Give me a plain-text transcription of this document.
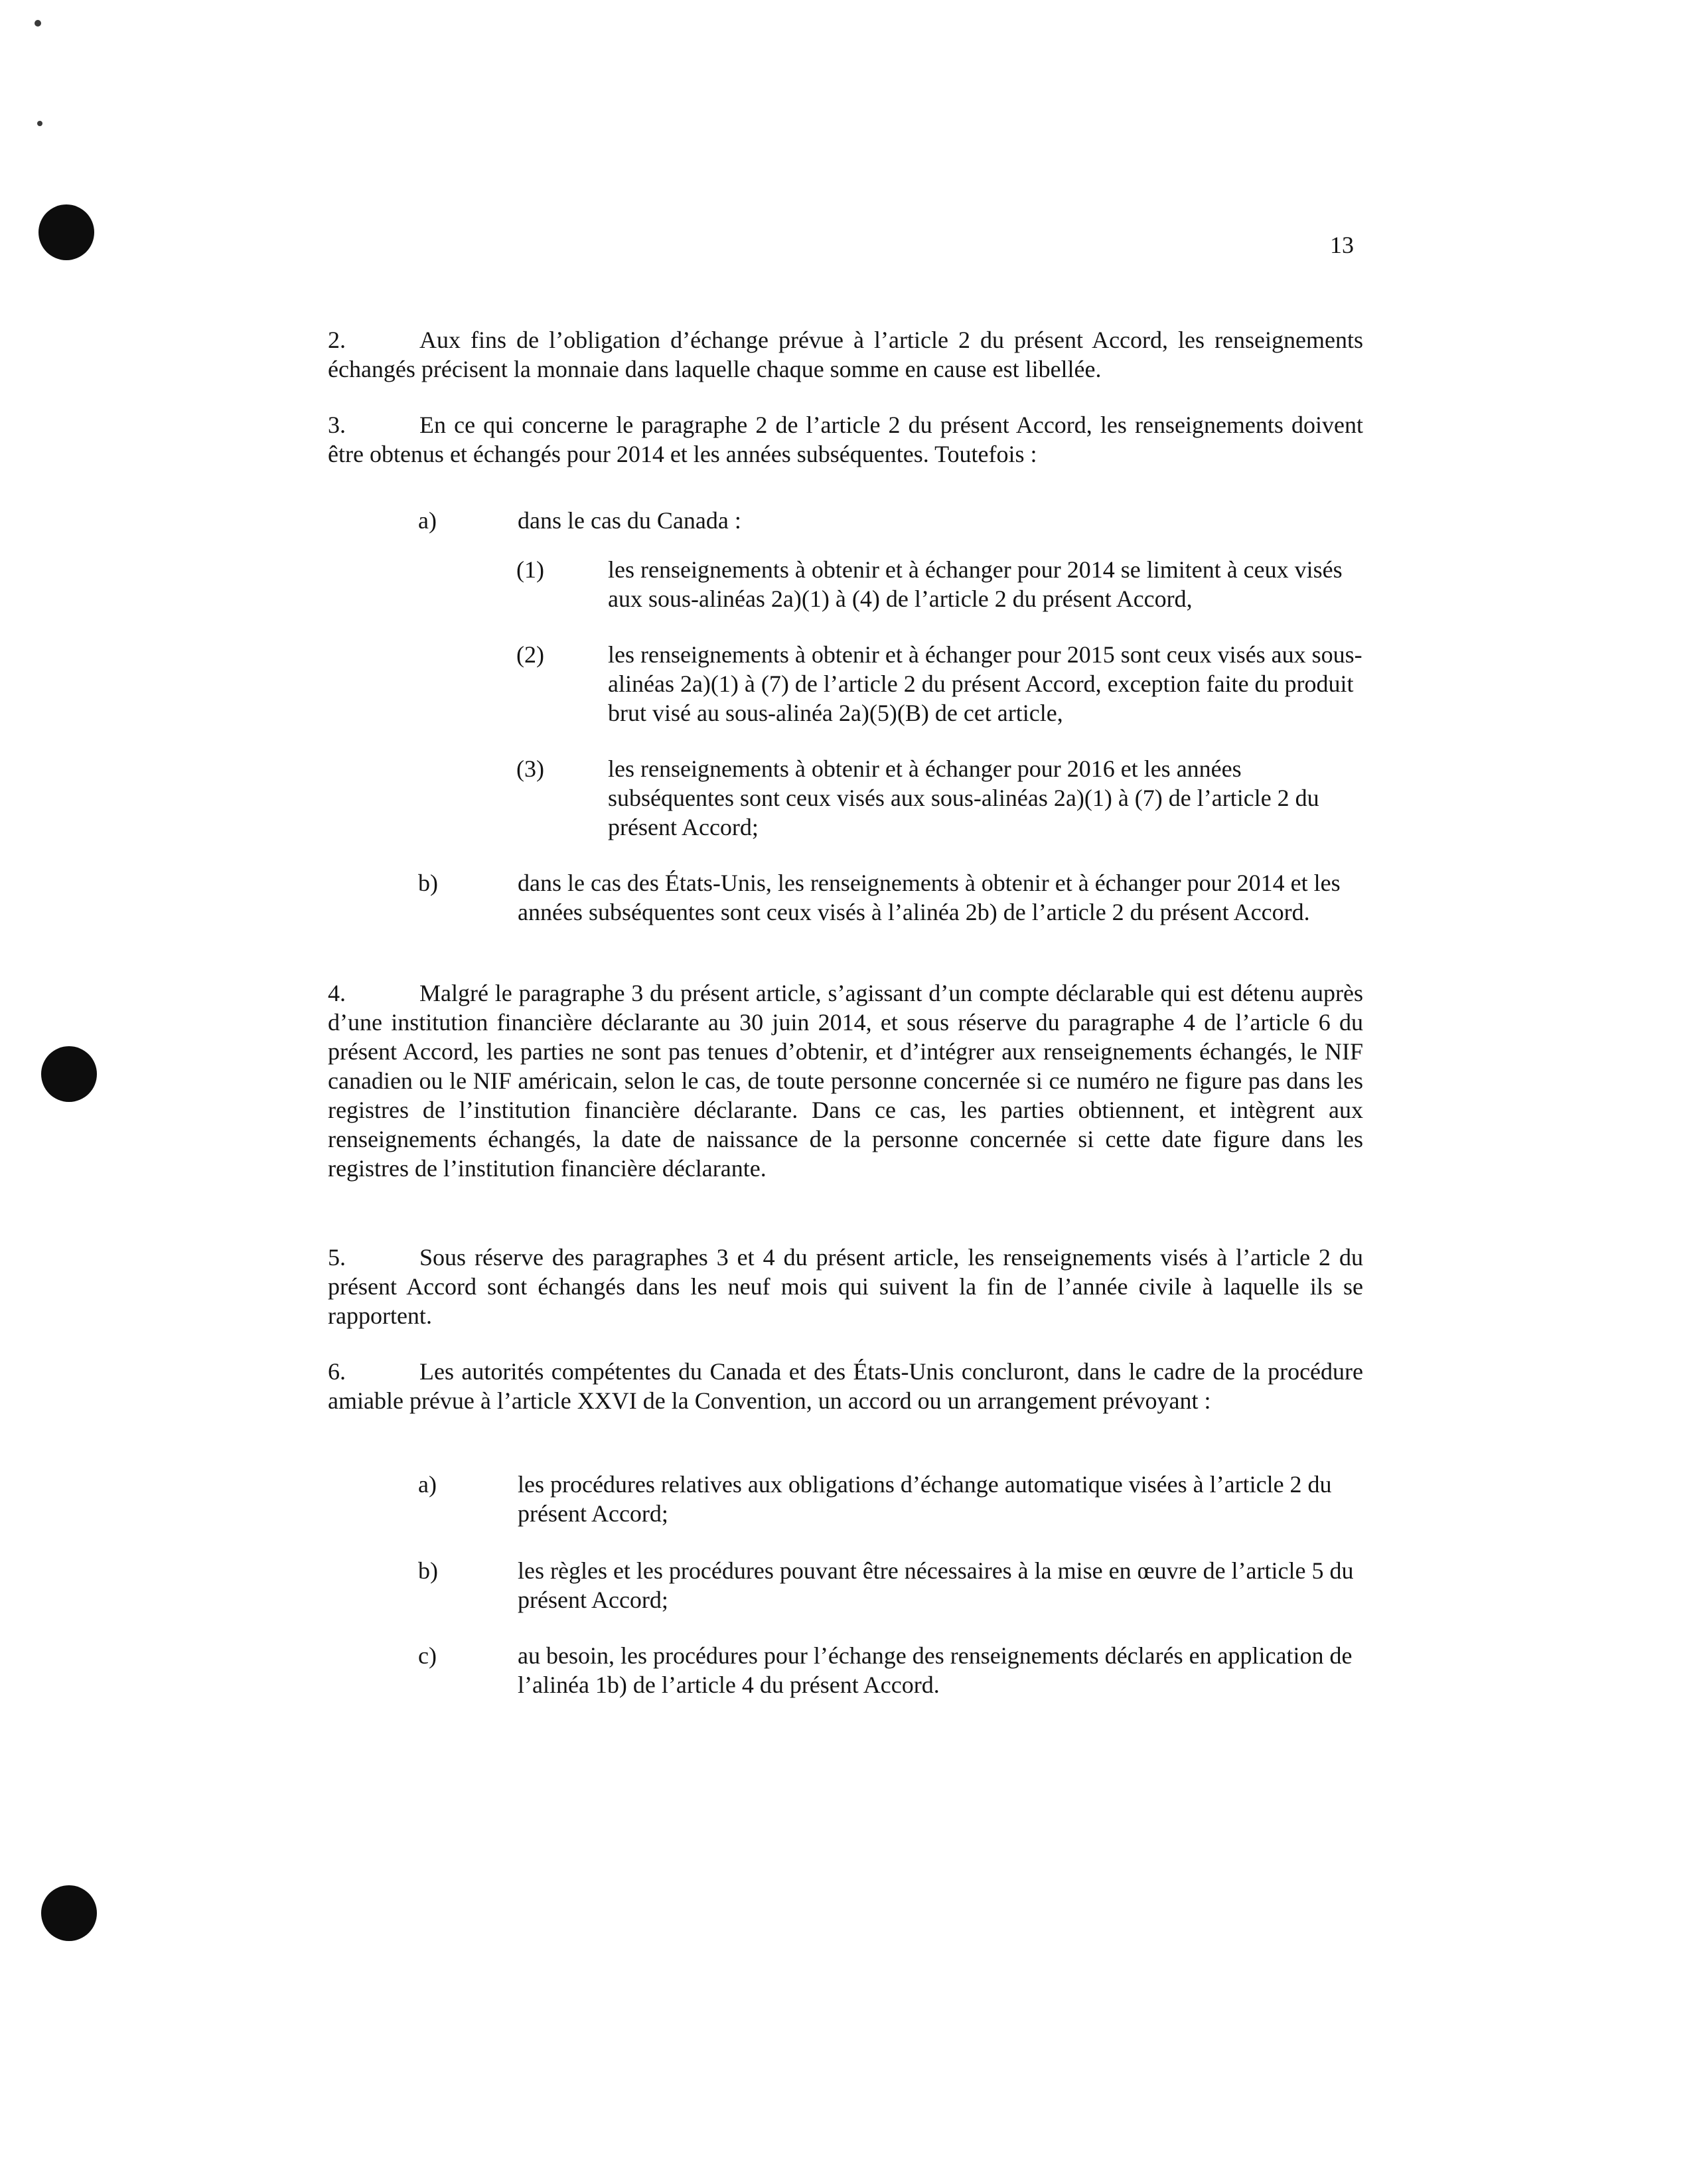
13
2.	Aux fins de l’obligation d’échange prévue à l’article 2 du présent Accord, les renseignements échangés précisent la monnaie dans laquelle chaque somme en cause est libellée.
3.	En ce qui concerne le paragraphe 2 de l’article 2 du présent Accord, les renseignements doivent être obtenus et échangés pour 2014 et les années subséquentes. Toutefois :
a)	dans le cas du Canada :
(1)	les renseignements à obtenir et à échanger pour 2014 se limitent à ceux visés aux sous-alinéas 2a)(1) à (4) de l’article 2 du présent Accord,
(2)	les renseignements à obtenir et à échanger pour 2015 sont ceux visés aux sous-alinéas 2a)(1) à (7) de l’article 2 du présent Accord, exception faite du produit brut visé au sous-alinéa 2a)(5)(B) de cet article,
(3)	les renseignements à obtenir et à échanger pour 2016 et les années subséquentes sont ceux visés aux sous-alinéas 2a)(1) à (7) de l’article 2 du présent Accord;
b)	dans le cas des États-Unis, les renseignements à obtenir et à échanger pour 2014 et les années subséquentes sont ceux visés à l’alinéa 2b) de l’article 2 du présent Accord.
4.	Malgré le paragraphe 3 du présent article, s’agissant d’un compte déclarable qui est détenu auprès d’une institution financière déclarante au 30 juin 2014, et sous réserve du paragraphe 4 de l’article 6 du présent Accord, les parties ne sont pas tenues d’obtenir, et d’intégrer aux renseignements échangés, le NIF canadien ou le NIF américain, selon le cas, de toute personne concernée si ce numéro ne figure pas dans les registres de l’institution financière déclarante. Dans ce cas, les parties obtiennent, et intègrent aux renseignements échangés, la date de naissance de la personne concernée si cette date figure dans les registres de l’institution financière déclarante.
5.	Sous réserve des paragraphes 3 et 4 du présent article, les renseignements visés à l’article 2 du présent Accord sont échangés dans les neuf mois qui suivent la fin de l’année civile à laquelle ils se rapportent.
6.	Les autorités compétentes du Canada et des États-Unis concluront, dans le cadre de la procédure amiable prévue à l’article XXVI de la Convention, un accord ou un arrangement prévoyant :
a)	les procédures relatives aux obligations d’échange automatique visées à l’article 2 du présent Accord;
b)	les règles et les procédures pouvant être nécessaires à la mise en œuvre de l’article 5 du présent Accord;
c)	au besoin, les procédures pour l’échange des renseignements déclarés en application de l’alinéa 1b) de l’article 4 du présent Accord.
